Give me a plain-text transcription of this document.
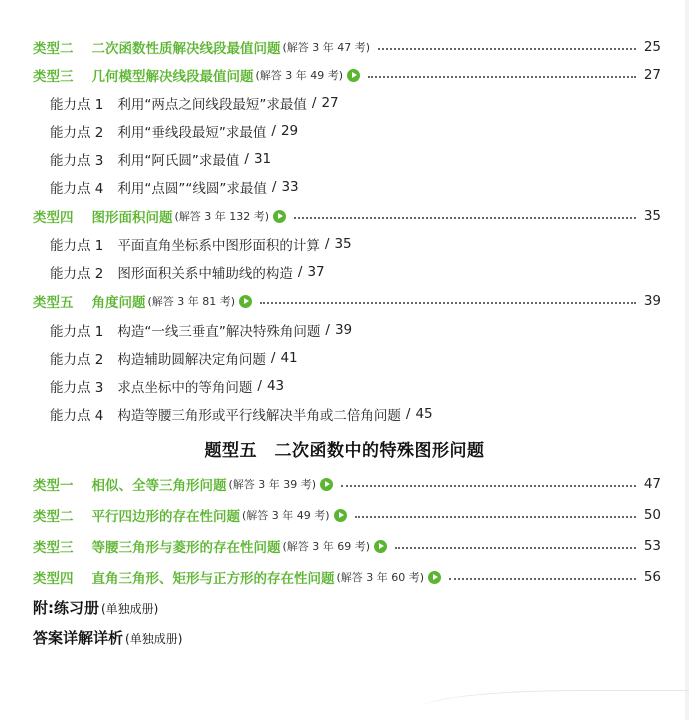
类型二 二次函数性质解决线段最值问题 (解答 3 年 47 考)	25
类型三 几何模型解决线段最值问题 (解答 3 年 49 考)	27
能力点 1 利用“两点之间线段最短”求最值 / 27
能力点 2 利用“垂线段最短”求最值 / 29
能力点 3 利用“阿氏圆”求最值 / 31
能力点 4 利用“点圆”“线圆”求最值 / 33
类型四 图形面积问题 (解答 3 年 132 考)	35
能力点 1 平面直角坐标系中图形面积的计算 / 35
能力点 2 图形面积关系中辅助线的构造 / 37
类型五 角度问题 (解答 3 年 81 考)	39
能力点 1 构造“一线三垂直”解决特殊角问题 / 39
能力点 2 构造辅助圆解决定角问题 / 41
能力点 3 求点坐标中的等角问题 / 43
能力点 4 构造等腰三角形或平行线解决半角或二倍角问题 / 45
题型五　二次函数中的特殊图形问题
类型一 相似、全等三角形问题 (解答 3 年 39 考)	47
类型二 平行四边形的存在性问题 (解答 3 年 49 考)	50
类型三 等腰三角形与菱形的存在性问题 (解答 3 年 69 考)	53
类型四 直角三角形、矩形与正方形的存在性问题 (解答 3 年 60 考)	56
附:练习册 (单独成册)
答案详解详析 (单独成册)
